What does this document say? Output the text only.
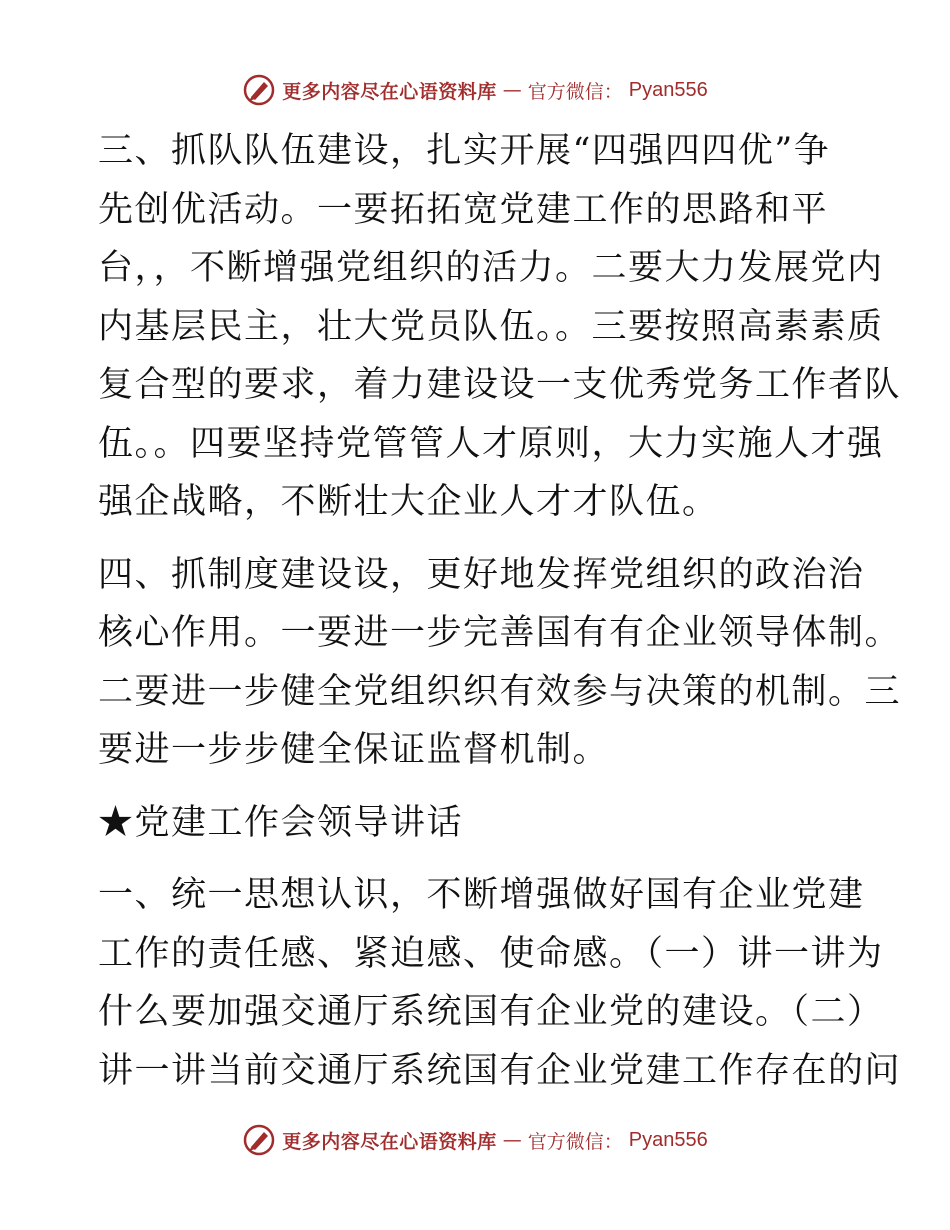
更多内容尽在心语资料库 — 官方微信： Pyan556

三、抓队队伍建设，扎实开展“四强四四优”争
先创优活动。一要拓拓宽党建工作的思路和平
台，，不断增强党组织的活力。二要大力发展党内
内基层民主，壮大党员队伍。。三要按照高素素质
复合型的要求，着力建设设一支优秀党务工作者队
伍。。四要坚持党管管人才原则，大力实施人才强
强企战略，不断壮大企业人才才队伍。

四、抓制度建设设，更好地发挥党组织的政治治
核心作用。一要进一步完善国有有企业领导体制。
二要进一步健全党组织织有效参与决策的机制。三
要进一步步健全保证监督机制。

★党建工作会领导讲话

一、统一思想认识，不断增强做好国有企业党建
工作的责任感、紧迫感、使命感。（一）讲一讲为
什么要加强交通厅系统国有企业党的建设。（二）
讲一讲当前交通厅系统国有企业党建工作存在的问

更多内容尽在心语资料库 — 官方微信： Pyan556
